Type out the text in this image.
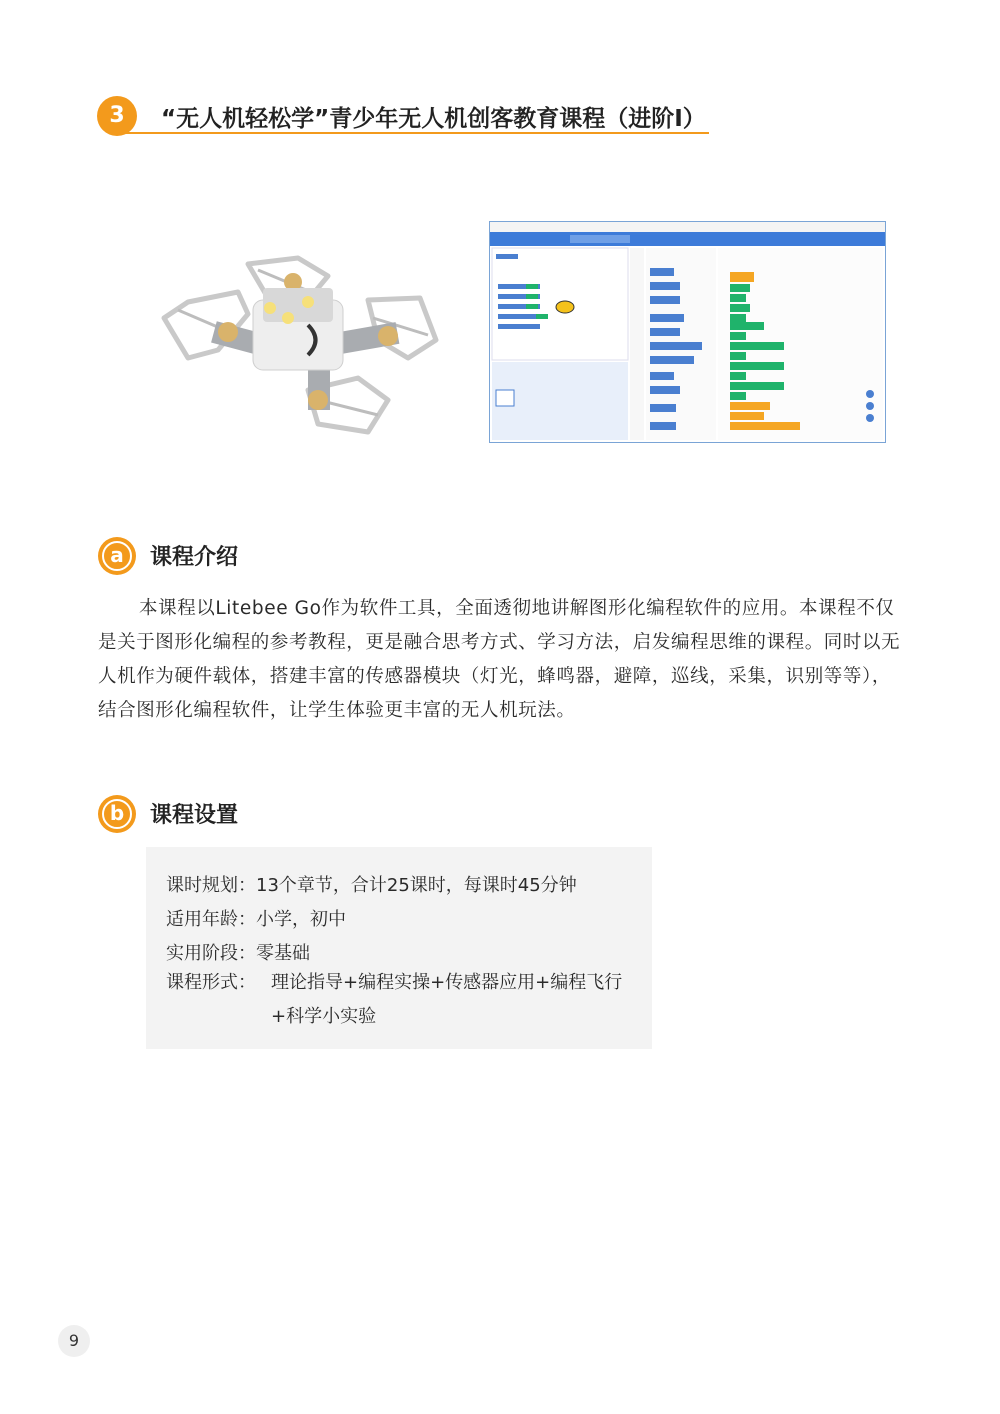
3	“无人机轻松学”青少年无人机创客教育课程（进阶I）
a	课程介绍
本课程以Litebee Go作为软件工具，全面透彻地讲解图形化编程软件的应用。本课程不仅是关于图形化编程的参考教程，更是融合思考方式、学习方法，启发编程思维的课程。同时以无人机作为硬件载体，搭建丰富的传感器模块（灯光，蜂鸣器，避障，巡线，采集，识别等等），结合图形化编程软件，让学生体验更丰富的无人机玩法。
b	课程设置
课时规划：13个章节，合计25课时，每课时45分钟
适用年龄：小学，初中
实用阶段：零基础
课程形式： 理论指导+编程实操+传感器应用+编程飞行+科学小实验
9
